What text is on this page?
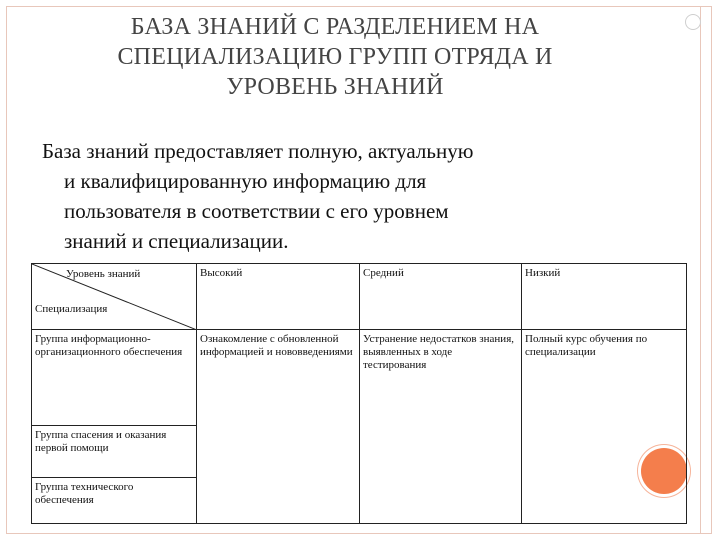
БАЗА ЗНАНИЙ С РАЗДЕЛЕНИЕМ НА
СПЕЦИАЛИЗАЦИЮ ГРУПП ОТРЯДА И
УРОВЕНЬ ЗНАНИЙ
База знаний предоставляет полную, актуальную
и квалифицированную информацию для
пользователя в соответствии с его уровнем
знаний и специализации.
Уровень знаний
Специализация	Высокий	Средний	Низкий
Группа информационно-организационного обеспечения	Ознакомление с обновленной информацией и нововведениями	Устранение недостатков знания, выявленных в ходе тестирования	Полный курс обучения по специализации
Группа спасения и оказания первой помощи			
Группа технического обеспечения			
